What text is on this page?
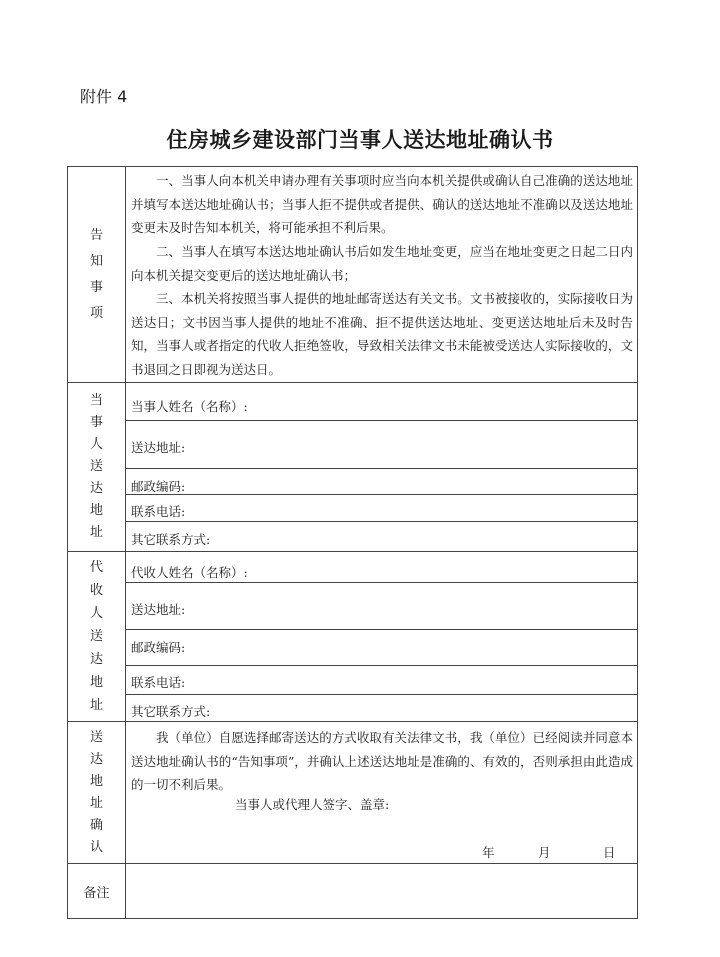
附件 4
住房城乡建设部门当事人送达地址确认书
告
知
事
项
一、当事人向本机关申请办理有关事项时应当向本机关提供或确认自己准确的送达地址并填写本送达地址确认书；当事人拒不提供或者提供、确认的送达地址不准确以及送达地址变更未及时告知本机关，将可能承担不利后果。
二、当事人在填写本送达地址确认书后如发生地址变更，应当在地址变更之日起二日内向本机关提交变更后的送达地址确认书；
三、本机关将按照当事人提供的地址邮寄送达有关文书。文书被接收的，实际接收日为送达日；文书因当事人提供的地址不准确、拒不提供送达地址、变更送达地址后未及时告知，当事人或者指定的代收人拒绝签收，导致相关法律文书未能被受送达人实际接收的，文书退回之日即视为送达日。
当
事
人
送
达
地
址
当事人姓名（名称）:
送达地址:
邮政编码:
联系电话:
其它联系方式:
代
收
人
送
达
地
址
代收人姓名（名称）:
送达地址:
邮政编码:
联系电话:
其它联系方式:
送
达
地
址
确
认
我（单位）自愿选择邮寄送达的方式收取有关法律文书，我（单位）已经阅读并同意本送达地址确认书的“告知事项”，并确认上述送达地址是准确的、有效的，否则承担由此造成的一切不利后果。
当事人或代理人签字、盖章:
年	月	日
备注
